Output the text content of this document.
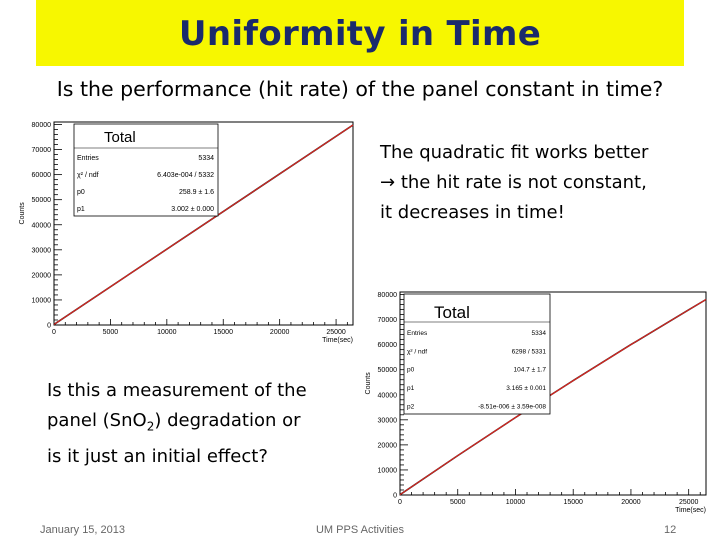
Uniformity in Time
Is the performance (hit rate) of the panel constant in time?
0	5000	10000	15000	20000	25000
0
10000
20000
30000
40000
50000
60000
70000
80000
Time(sec)
Counts
Total
Entries	5334
χ² / ndf	6.403e-004 / 5332
p0	258.9 ± 1.6
p1	3.002 ± 0.000
0	5000	10000	15000	20000	25000
0
10000
20000
30000
40000
50000
60000
70000
80000
Time(sec)
Counts
Total
Entries	5334
χ² / ndf	6298 / 5331
p0	104.7 ± 1.7
p1	3.165 ± 0.001
p2	-8.51e-006 ± 3.59e-008
The quadratic fit works better
→ the hit rate is not constant,
it decreases in time!
Is this a measurement of the
panel (SnO$_2$) degradation or
is it just an initial effect?
January 15, 2013	UM PPS Activities	12
